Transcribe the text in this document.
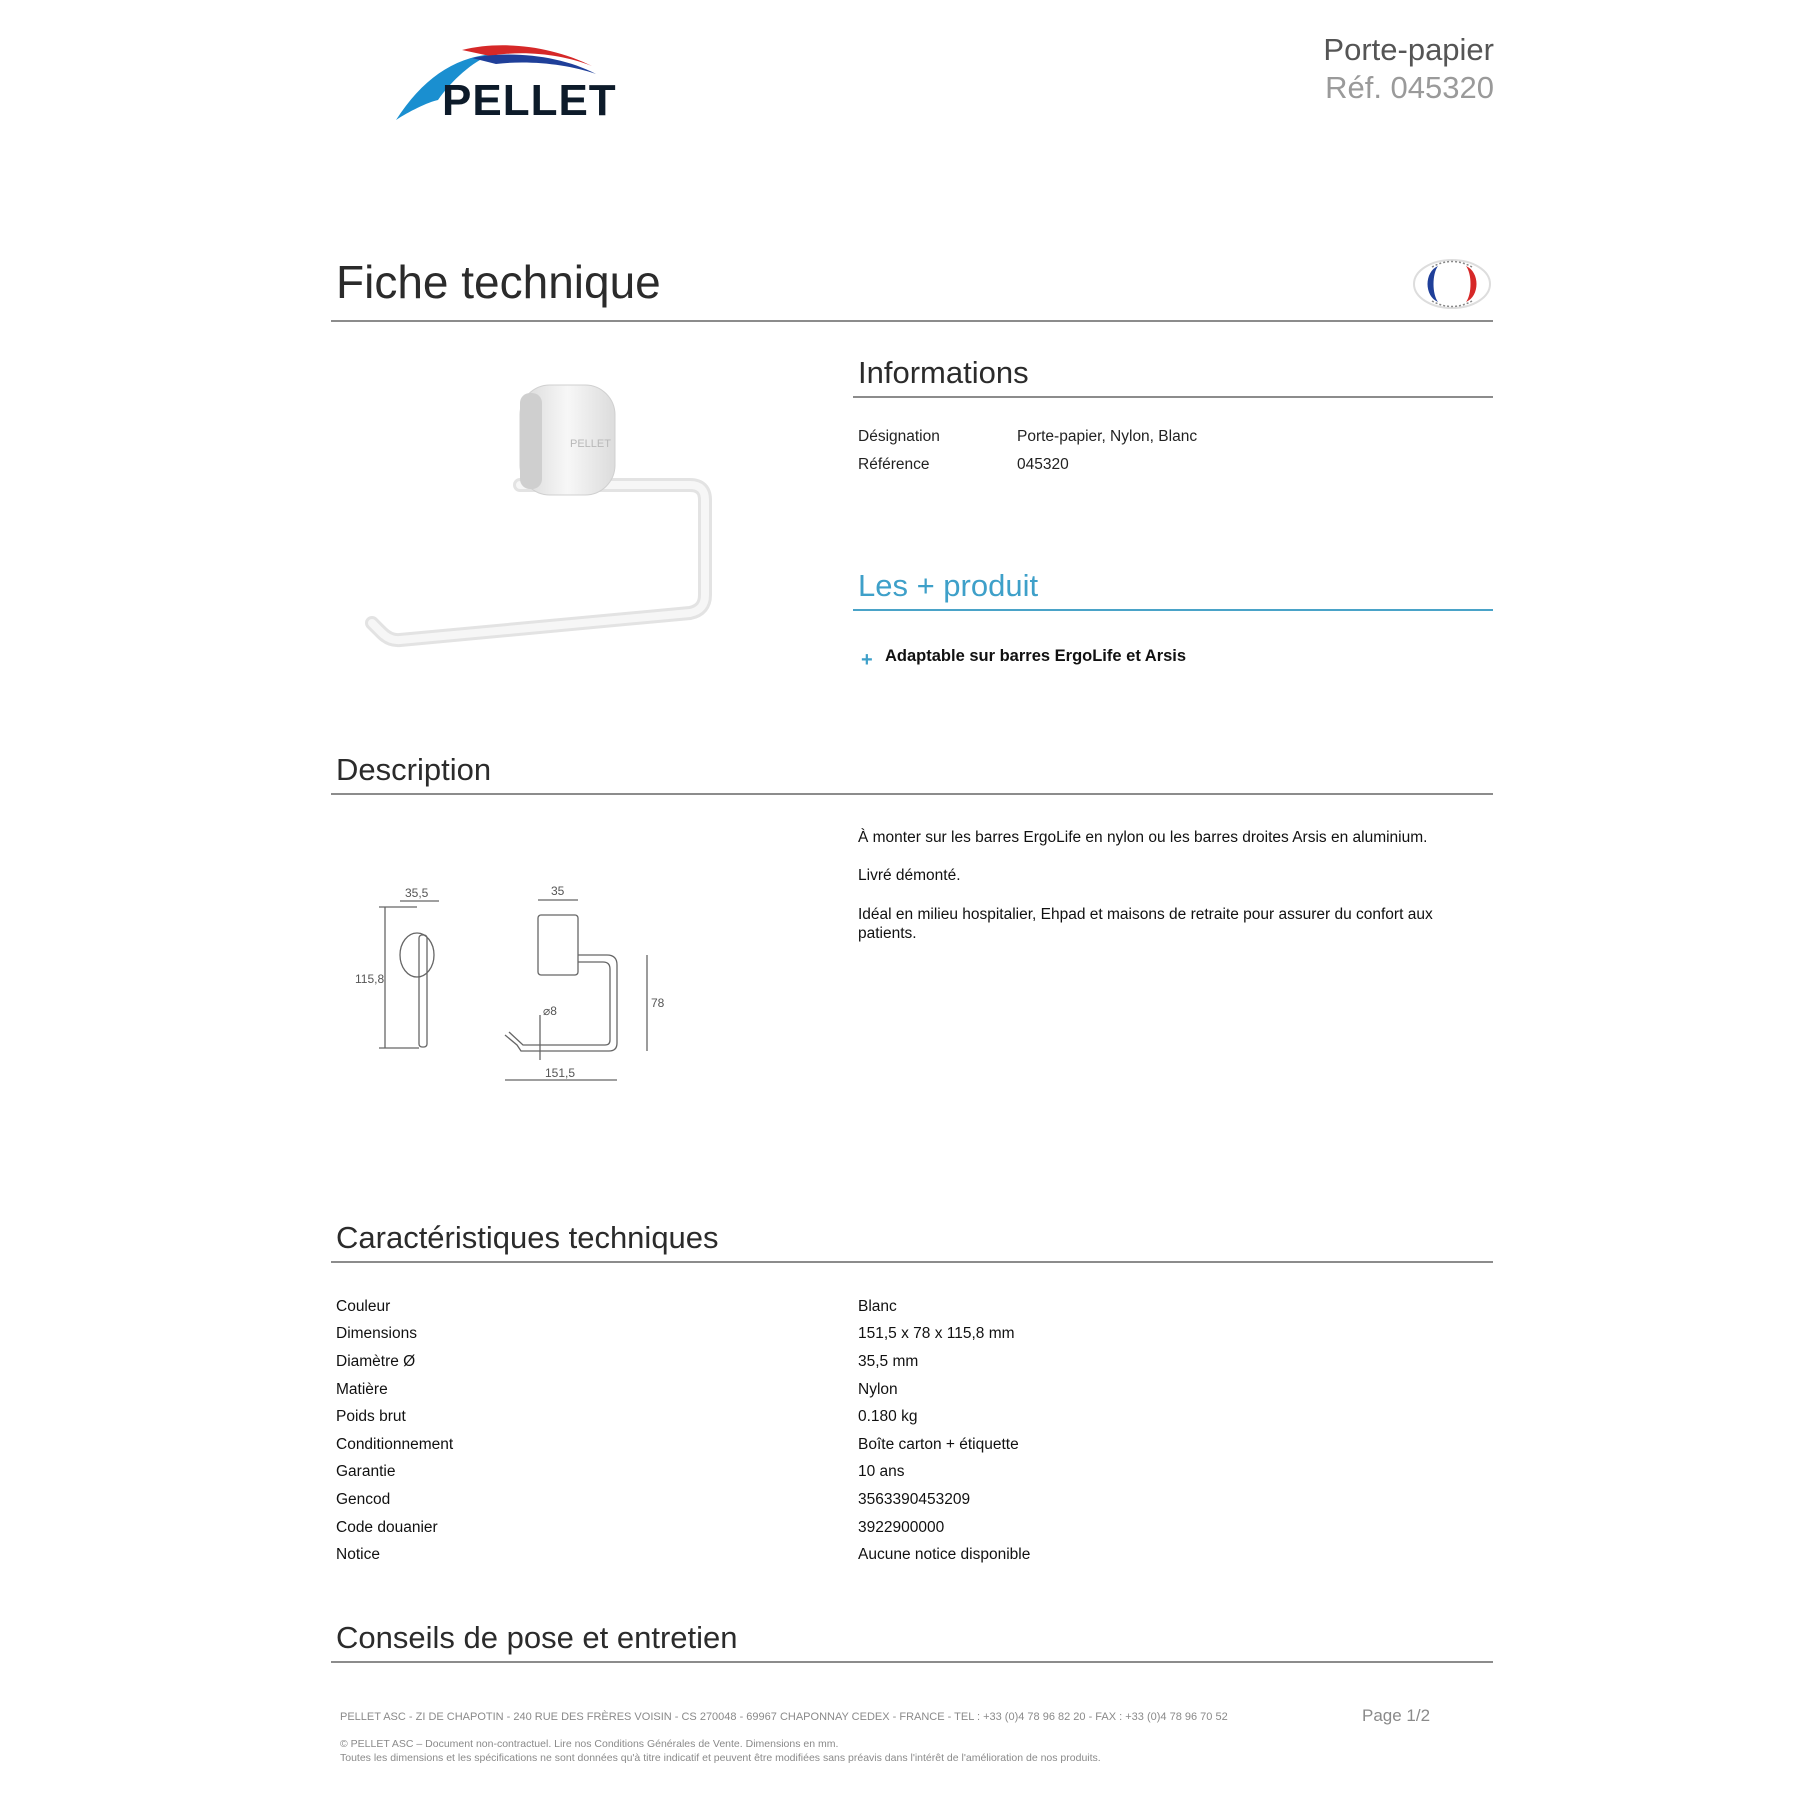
PELLET
Porte-papier
Réf. 045320
Fiche technique
PELLET
Informations
Désignation	Porte-papier, Nylon, Blanc
Référence	045320
Les + produit
+ Adaptable sur barres ErgoLife et Arsis
Description
35,5	35
115,8
⌀8
78
151,5
À monter sur les barres ErgoLife en nylon ou les barres droites Arsis en aluminium.
Livré démonté.
Idéal en milieu hospitalier, Ehpad et maisons de retraite pour assurer du confort aux patients.
Caractéristiques techniques
Couleur	Blanc
Dimensions	151,5 x 78 x 115,8 mm
Diamètre Ø	35,5 mm
Matière	Nylon
Poids brut	0.180 kg
Conditionnement	Boîte carton + étiquette
Garantie	10 ans
Gencod	3563390453209
Code douanier	3922900000
Notice	Aucune notice disponible
Conseils de pose et entretien
PELLET ASC - ZI DE CHAPOTIN - 240 RUE DES FRÈRES VOISIN - CS 270048 - 69967 CHAPONNAY CEDEX - FRANCE - TEL : +33 (0)4 78 96 82 20 - FAX : +33 (0)4 78 96 70 52	Page 1/2
© PELLET ASC – Document non-contractuel. Lire nos Conditions Générales de Vente. Dimensions en mm.
Toutes les dimensions et les spécifications ne sont données qu'à titre indicatif et peuvent être modifiées sans préavis dans l'intérêt de l'amélioration de nos produits.
